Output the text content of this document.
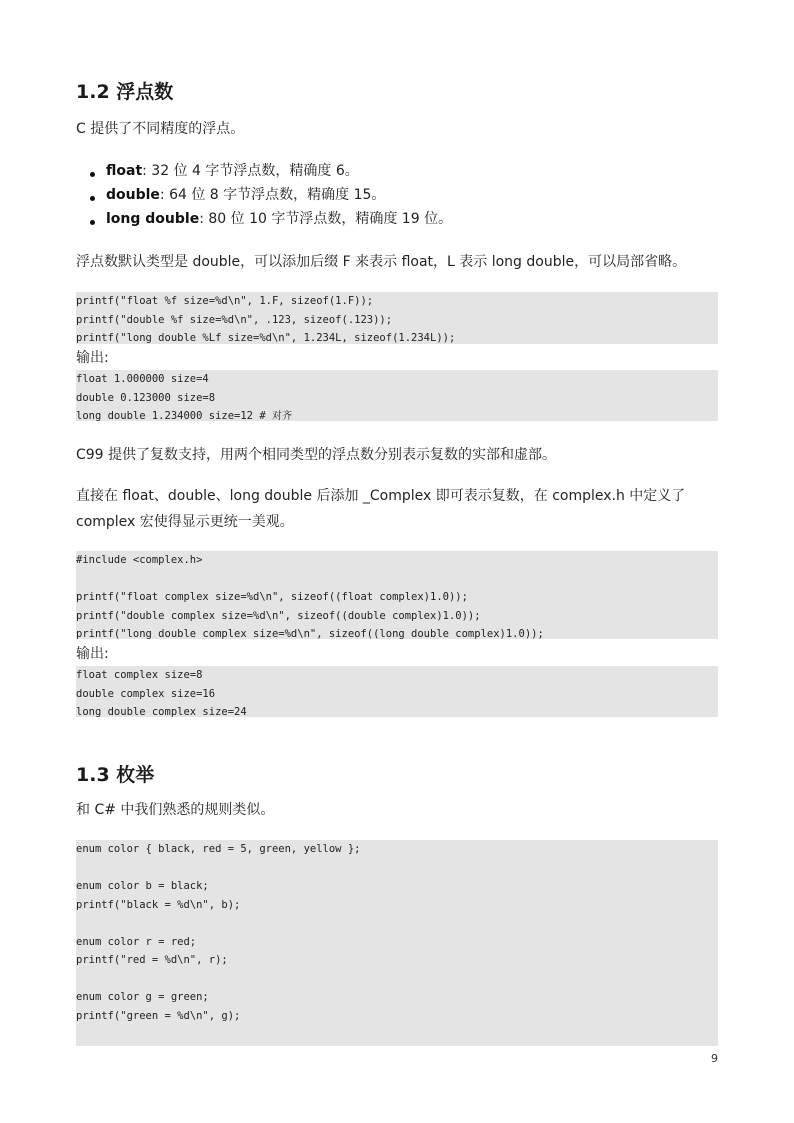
1.2 浮点数

C 提供了不同精度的浮点。

float: 32 位 4 字节浮点数，精确度 6。
double: 64 位 8 字节浮点数，精确度 15。
long double: 80 位 10 字节浮点数，精确度 19 位。

浮点数默认类型是 double，可以添加后缀 F 来表示 float，L 表示 long double，可以局部省略。

printf("float %f size=%d\n", 1.F, sizeof(1.F));
printf("double %f size=%d\n", .123, sizeof(.123));
printf("long double %Lf size=%d\n", 1.234L, sizeof(1.234L));
输出:
float 1.000000 size=4
double 0.123000 size=8
long double 1.234000 size=12 # 对齐

C99 提供了复数支持，用两个相同类型的浮点数分别表示复数的实部和虚部。

直接在 float、double、long double 后添加 _Complex 即可表示复数，在 complex.h 中定义了

complex 宏使得显示更统一美观。

#include <complex.h>
printf("float complex size=%d\n", sizeof((float complex)1.0));
printf("double complex size=%d\n", sizeof((double complex)1.0));
printf("long double complex size=%d\n", sizeof((long double complex)1.0));
输出:
float complex size=8
double complex size=16
long double complex size=24
1.3 枚举

和 C# 中我们熟悉的规则类似。

enum color { black, red = 5, green, yellow };
enum color b = black;
printf("black = %d\n", b);
enum color r = red;
printf("red = %d\n", r);
enum color g = green;
printf("green = %d\n", g);
9
